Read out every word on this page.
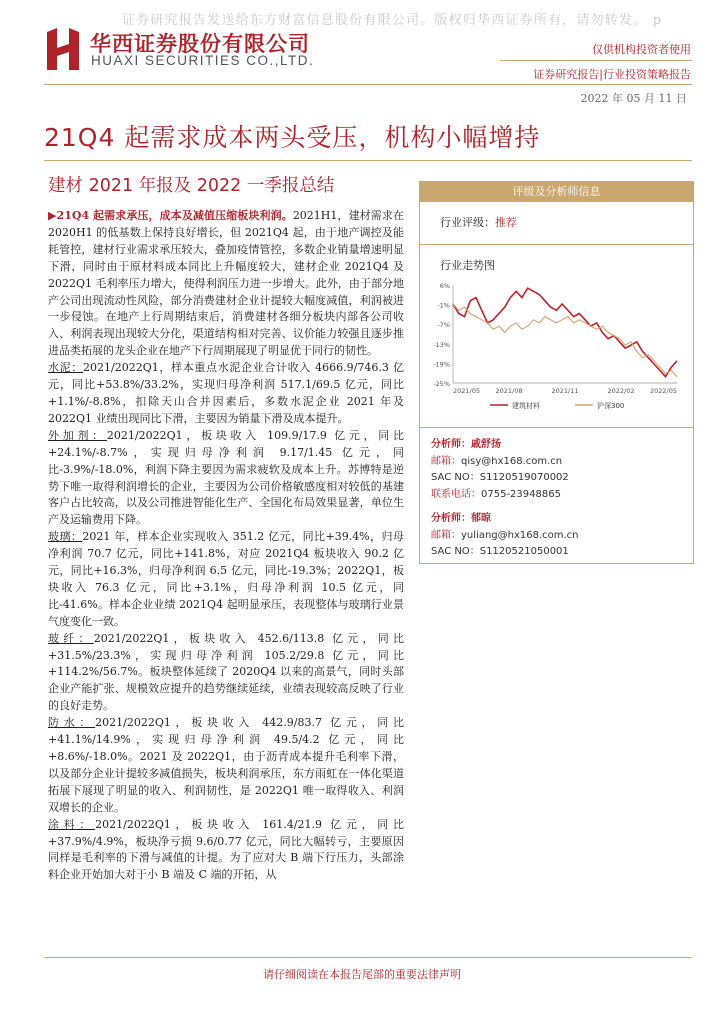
证券研究报告发送给东方财富信息股份有限公司。版权归华西证券所有，请勿转发。 p
华西证券股份有限公司
HUAXI SECURITIES CO.,LTD.
仅供机构投资者使用
证券研究报告|行业投资策略报告
2022 年 05 月 11 日
21Q4 起需求成本两头受压，机构小幅增持
建材 2021 年报及 2022 一季报总结

▶21Q4 起需求承压，成本及减值压缩板块利润。2021H1，建材需求在 2020H1 的低基数上保持良好增长，但 2021Q4 起，由于地产调控及能耗管控，建材行业需求承压较大，叠加疫情管控，多数企业销量增速明显下滑，同时由于原材料成本同比上升幅度较大，建材企业 2021Q4 及 2022Q1 毛利率压力增大，使得利润压力进一步增大。此外，由于部分地产公司出现流动性风险，部分消费建材企业计提较大幅度减值，利润被进一步侵蚀。在地产上行周期结束后，消费建材各细分板块内部各公司收入、利润表现出现较大分化，渠道结构相对完善、议价能力较强且逐步推进品类拓展的龙头企业在地产下行周期展现了明显优于同行的韧性。

水泥：2021/2022Q1，样本重点水泥企业合计收入 4666.9/746.3 亿元，同比+53.8%/33.2%，实现归母净利润 517.1/69.5 亿元，同比+1.1%/-8.8%，扣除天山合并因素后，多数水泥企业 2021 年及 2022Q1 业绩出现同比下滑，主要因为销量下滑及成本提升。

外加剂：2021/2022Q1，板块收入 109.9/17.9 亿元，同比+24.1%/-8.7%，实现归母净利润 9.17/1.45 亿元，同比-3.9%/-18.0%，利润下降主要因为需求疲软及成本上升。苏博特是逆势下唯一取得利润增长的企业，主要因为公司价格敏感度相对较低的基建客户占比较高，以及公司推进智能化生产、全国化布局效果显著，单位生产及运输费用下降。

玻璃：2021 年，样本企业实现收入 351.2 亿元，同比+39.4%，归母净利润 70.7 亿元，同比+141.8%，对应 2021Q4 板块收入 90.2 亿元，同比+16.3%，归母净利润 6.5 亿元，同比-19.3%；2022Q1，板块收入 76.3 亿元，同比+3.1%，归母净利润 10.5 亿元，同比-41.6%。样本企业业绩 2021Q4 起明显承压，表现整体与玻璃行业景气度变化一致。

玻纤：2021/2022Q1，板块收入 452.6/113.8 亿元，同比+31.5%/23.3%，实现归母净利润 105.2/29.8 亿元，同比+114.2%/56.7%。板块整体延续了 2020Q4 以来的高景气，同时头部企业产能扩张、规模效应提升的趋势继续延续，业绩表现较高反映了行业的良好走势。

防水：2021/2022Q1，板块收入 442.9/83.7 亿元，同比+41.1%/14.9%，实现归母净利润 49.5/4.2 亿元，同比+8.6%/-18.0%。2021 及 2022Q1，由于沥青成本提升毛利率下滑，以及部分企业计提较多减值损失，板块利润承压，东方雨虹在一体化渠道拓展下展现了明显的收入、利润韧性，是 2022Q1 唯一取得收入、利润双增长的企业。

涂料：2021/2022Q1，板块收入 161.4/21.9 亿元，同比+37.9%/4.9%，板块净亏损 9.6/0.77 亿元，同比大幅转亏，主要原因同样是毛利率的下滑与减值的计提。为了应对大 B 端下行压力，头部涂料企业开始加大对于小 B 端及 C 端的开拓，从

评级及分析师信息
行业评级：推荐
行业走势图
6%
-1%
-7%
-13%
-19%
-25%
2021/05 2021/08	2021/11	2022/02 2022/05
建筑材料	沪深300
分析师：戚舒扬
邮箱：qisy@hx168.com.cn
SAC NO：S1120519070002
联系电话：0755-23948865
分析师：郁晾
邮箱：yuliang@hx168.com.cn
SAC NO：S1120521050001
请仔细阅读在本报告尾部的重要法律声明
